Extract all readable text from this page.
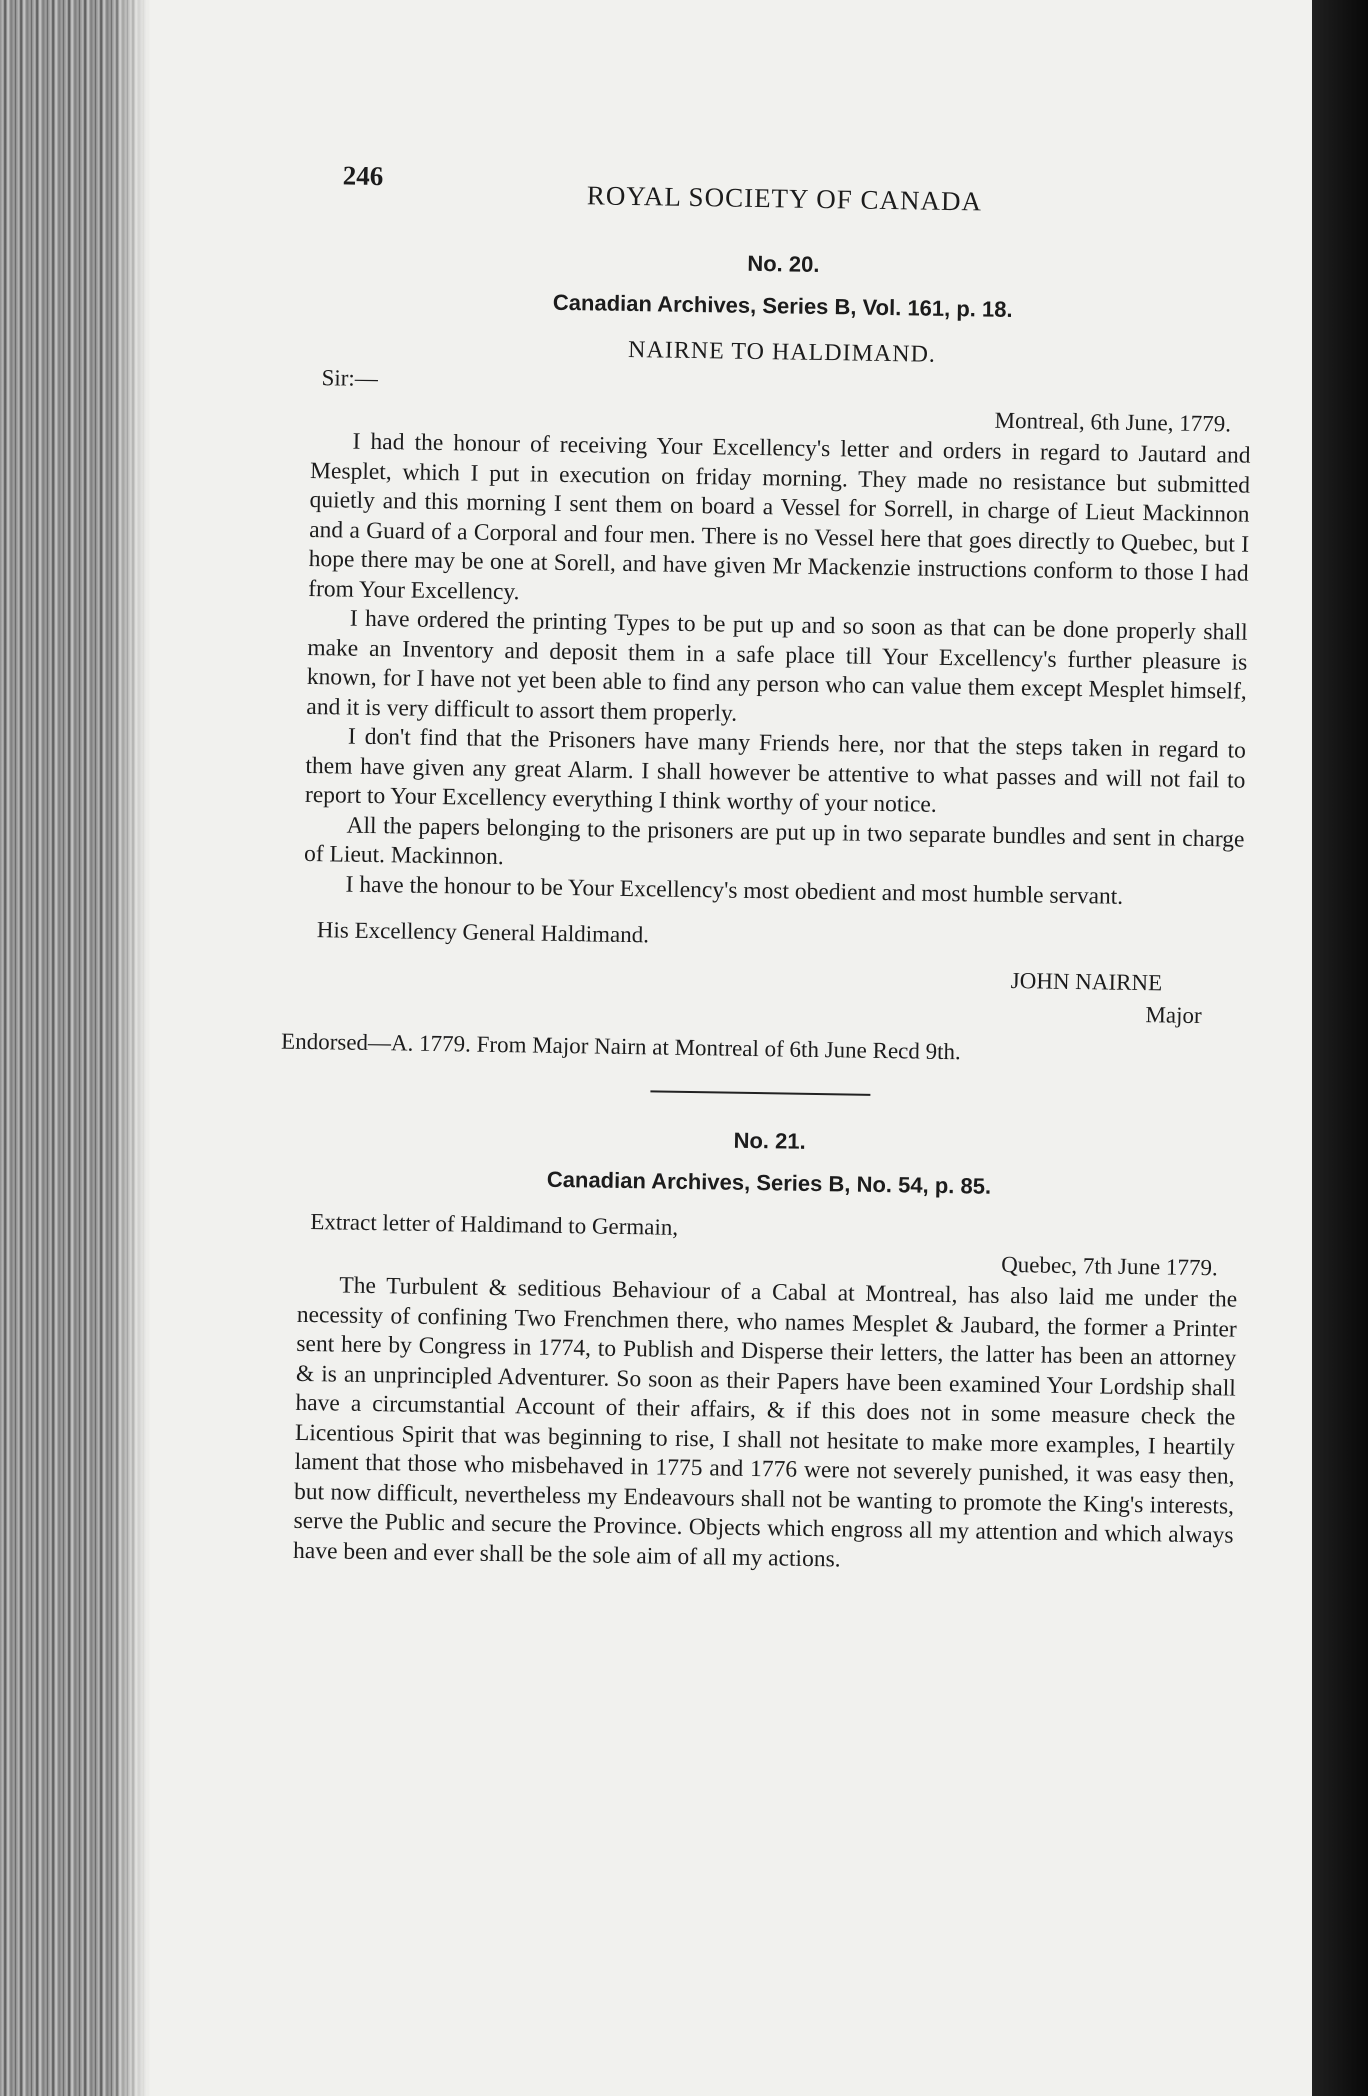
246
ROYAL SOCIETY OF CANADA
No. 20.
Canadian Archives, Series B, Vol. 161, p. 18.
NAIRNE TO HALDIMAND.
Sir:—
Montreal, 6th June, 1779.

I had the honour of receiving Your Excellency's letter and orders in regard to Jautard and Mesplet, which I put in execution on friday morning. They made no resistance but submitted quietly and this morning I sent them on board a Vessel for Sorrell, in charge of Lieut Mackinnon and a Guard of a Corporal and four men. There is no Vessel here that goes directly to Quebec, but I hope there may be one at Sorell, and have given Mr Mackenzie instructions conform to those I had from Your Excellency.

I have ordered the printing Types to be put up and so soon as that can be done properly shall make an Inventory and deposit them in a safe place till Your Excellency's further pleasure is known, for I have not yet been able to find any person who can value them except Mesplet himself, and it is very difficult to assort them properly.

I don't find that the Prisoners have many Friends here, nor that the steps taken in regard to them have given any great Alarm. I shall however be attentive to what passes and will not fail to report to Your Excellency everything I think worthy of your notice.

All the papers belonging to the prisoners are put up in two separate bundles and sent in charge of Lieut. Mackinnon.

I have the honour to be Your Excellency's most obedient and most humble servant.

His Excellency General Haldimand.
JOHN NAIRNE
Major
Endorsed—A. 1779. From Major Nairn at Montreal of 6th June Recd 9th.
No. 21.
Canadian Archives, Series B, No. 54, p. 85.
Extract letter of Haldimand to Germain,
Quebec, 7th June 1779.

The Turbulent & seditious Behaviour of a Cabal at Montreal, has also laid me under the necessity of confining Two Frenchmen there, who names Mesplet & Jaubard, the former a Printer sent here by Congress in 1774, to Publish and Disperse their letters, the latter has been an attorney & is an unprincipled Adventurer. So soon as their Papers have been examined Your Lordship shall have a circumstantial Account of their affairs, & if this does not in some measure check the Licentious Spirit that was beginning to rise, I shall not hesitate to make more examples, I heartily lament that those who misbehaved in 1775 and 1776 were not severely punished, it was easy then, but now difficult, nevertheless my Endeavours shall not be wanting to promote the King's interests, serve the Public and secure the Province. Objects which engross all my attention and which always have been and ever shall be the sole aim of all my actions.
